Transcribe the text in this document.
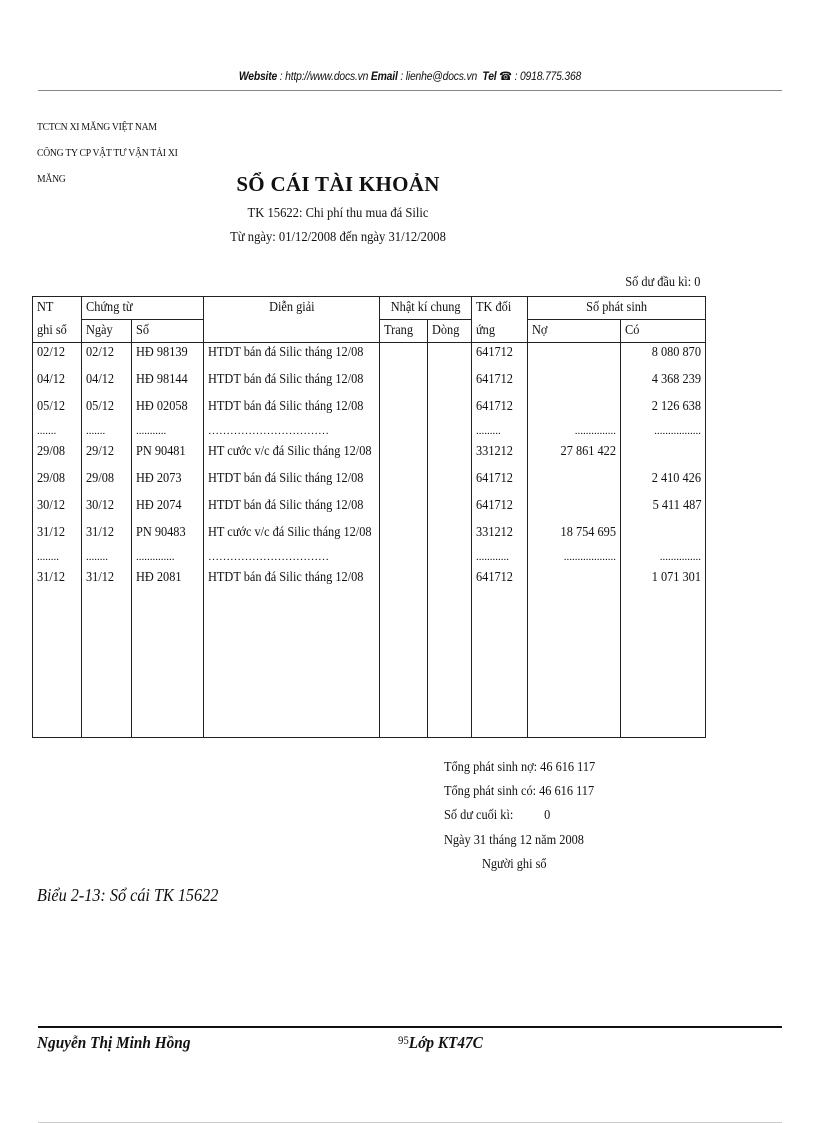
Website : http://www.docs.vn Email : lienhe@docs.vn Tel ☎ : 0918.775.368
TCTCN XI MĂNG VIỆT NAM
CÔNG TY CP VẬT TƯ VẬN TẢI XI
MĂNG	SỔ CÁI TÀI KHOẢN
TK 15622: Chi phí thu mua đá Silic
Từ ngày: 01/12/2008 đến ngày 31/12/2008
Số dư đầu kì: 0
NT	Chứng từ		Diễn giải	Nhật kí chung		TK đối	Số phát sinh	
ghi sổ	Ngày	Số		Trang	Dòng	ứng	Nợ	Có
02/12	02/12	HĐ 98139	HTDT bán đá Silic tháng 12/08			641712		8 080 870
04/12	04/12	HĐ 98144	HTDT bán đá Silic tháng 12/08			641712		4 368 239
05/12	05/12	HĐ 02058	HTDT bán đá Silic tháng 12/08			641712		2 126 638
.......	.......	...........	……………………………			.........	...............	.................
29/08	29/12	PN 90481	HT cước v/c đá Silic tháng 12/08			331212	27 861 422	
29/08	29/08	HĐ 2073	HTDT bán đá Silic tháng 12/08			641712		2 410 426
30/12	30/12	HĐ 2074	HTDT bán đá Silic tháng 12/08			641712		5 411 487
31/12	31/12	PN 90483	HT cước v/c đá Silic tháng 12/08			331212	18 754 695	
........	........	..............	……………………………			............	...................	...............
31/12	31/12	HĐ 2081	HTDT bán đá Silic tháng 12/08			641712		1 071 301

Tổng phát sinh nợ: 46 616 117
Tổng phát sinh có: 46 616 117
Số dư cuối kì: 0
Ngày 31 tháng 12 năm 2008
Người ghi sổ
Biểu 2-13: Sổ cái TK 15622
Nguyễn Thị Minh Hồng	$^{95}$Lớp KT47C
